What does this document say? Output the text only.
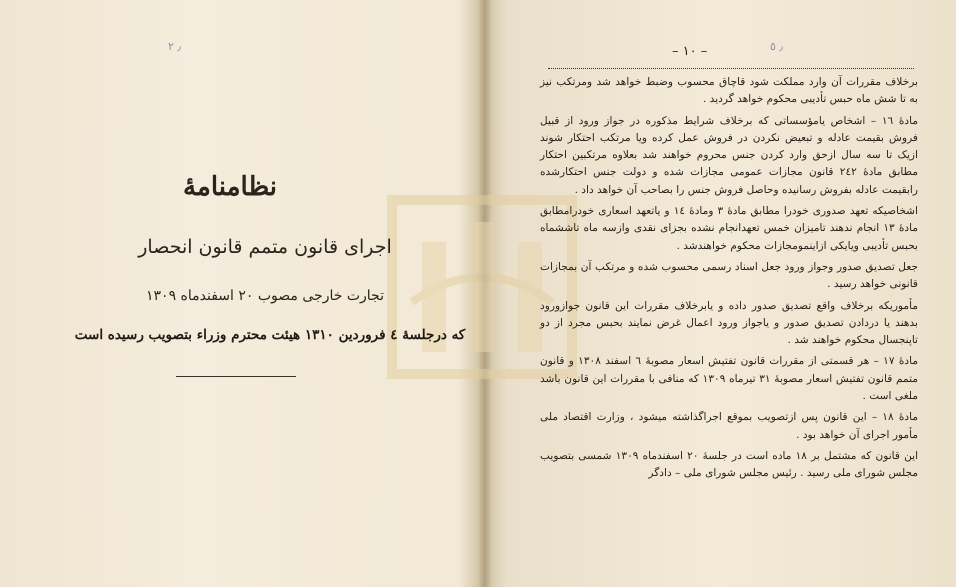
٫ ٢
نظامنامهٔ
اجرای قانون متمم قانون انحصار
تجارت خارجی مصوب ۲۰ اسفندماه ۱۳۰۹
که درجلسهٔ ٤ فروردین ۱۳۱۰ هیئت محترم وزراء بتصویب رسیده است
٫ ٥
– ١٠ –

برخلاف مقررات آن وارد مملکت شود قاچاق محسوب وضبط خواهد شد ومرتکب نیز به تا شش ماه حبس تأدیبی محکوم خواهد گردید .

مادهٔ ١٦ – اشخاص یامؤسساتی که برخلاف شرایط مذکوره در جواز ورود از قبیل فروش بقیمت عادله و تبعیض نکردن در فروش عمل کرده ویا مرتکب احتکار شوند ازیک تا سه سال ازحق وارد کردن جنس محروم خواهند شد بعلاوه مرتکبین احتکار مطابق مادهٔ ۲٤۲ قانون مجازات عمومی مجازات شده و دولت جنس احتکارشده رابقیمت عادله بفروش رسانیده وحاصل فروش جنس را بصاحب آن خواهد داد .

اشخاصیکه تعهد صدوری خودرا مطابق مادهٔ ۳ ومادهٔ ۱٤ و یاتعهد اسعاری خودرامطابق مادهٔ ۱۳ انجام ندهند تامیزان خمس تعهدانجام نشده بجزای نقدی وازسه ماه تاششماه بحبس تأدیبی ویایکی ازاینمومجازات محکوم خواهندشد .

جعل تصدیق صدور وجواز ورود جعل اسناد رسمی محسوب شده و مرتکب آن بمجازات قانونی خواهد رسید .

مأموریکه برخلاف واقع تصدیق صدور داده و یابرخلاف مقررات این قانون جوازورود بدهند یا دردادن تصدیق صدور و یاجواز ورود اعمال غرض نمایند بحبس مجرد از دو تاپنجسال محکوم خواهند شد .

مادهٔ ۱۷ – هر قسمتی از مقررات قانون تفتیش اسعار مصوبهٔ ٦ اسفند ۱۳۰۸ و قانون متمم قانون تفتیش اسعار مصوبهٔ ۳۱ تیرماه ۱۳۰۹ که منافی با مقررات این قانون باشد ملغی است .

مادهٔ ۱۸ – این قانون پس ازتصویب بموقع اجراگذاشته میشود ، وزارت اقتصاد ملی مأمور اجرای آن خواهد بود .

این قانون که مشتمل بر ۱۸ ماده است در جلسهٔ ۲۰ اسفندماه ۱۳۰۹ شمسی بتصویب مجلس شورای ملی رسید . رئیس مجلس شورای ملی – دادگر
